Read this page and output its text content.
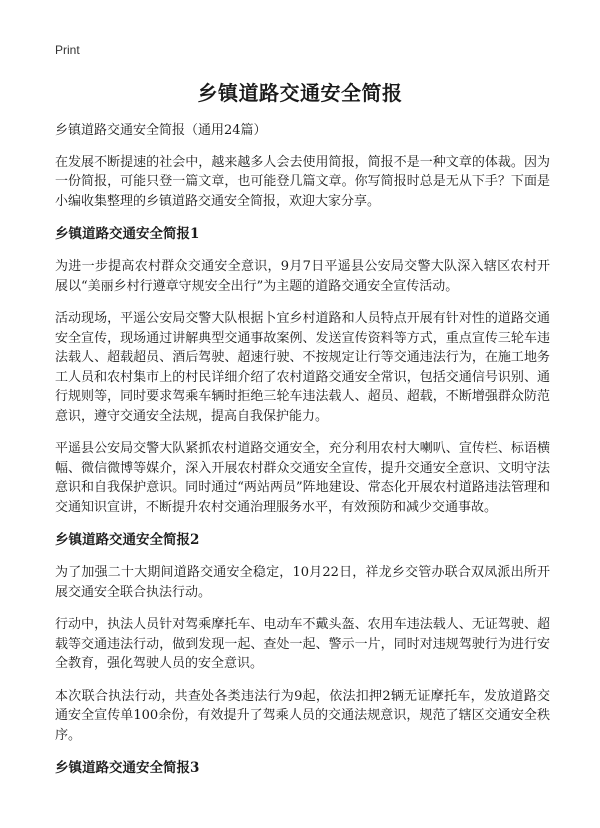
Print
乡镇道路交通安全简报

乡镇道路交通安全简报（通用24篇）

在发展不断提速的社会中，越来越多人会去使用简报，简报不是一种文章的体裁。因为一份简报，可能只登一篇文章，也可能登几篇文章。你写简报时总是无从下手？下面是小编收集整理的乡镇道路交通安全简报，欢迎大家分享。

乡镇道路交通安全简报1

为进一步提高农村群众交通安全意识，9月7日平遥县公安局交警大队深入辖区农村开展以“美丽乡村行遵章守规安全出行”为主题的道路交通安全宣传活动。

活动现场，平遥公安局交警大队根据卜宜乡村道路和人员特点开展有针对性的道路交通安全宣传，现场通过讲解典型交通事故案例、发送宣传资料等方式，重点宣传三轮车违法载人、超载超员、酒后驾驶、超速行驶、不按规定让行等交通违法行为，在施工地务工人员和农村集市上的村民详细介绍了农村道路交通安全常识，包括交通信号识别、通行规则等，同时要求驾乘车辆时拒绝三轮车违法载人、超员、超载，不断增强群众防范意识，遵守交通安全法规，提高自我保护能力。

平遥县公安局交警大队紧抓农村道路交通安全，充分利用农村大喇叭、宣传栏、标语横幅、微信微博等媒介，深入开展农村群众交通安全宣传，提升交通安全意识、文明守法意识和自我保护意识。同时通过“两站两员”阵地建设、常态化开展农村道路违法管理和交通知识宣讲，不断提升农村交通治理服务水平，有效预防和减少交通事故。

乡镇道路交通安全简报2

为了加强二十大期间道路交通安全稳定，10月22日，祥龙乡交管办联合双凤派出所开展交通安全联合执法行动。

行动中，执法人员针对驾乘摩托车、电动车不戴头盔、农用车违法载人、无证驾驶、超载等交通违法行动，做到发现一起、查处一起、警示一片，同时对违规驾驶行为进行安全教育，强化驾驶人员的安全意识。

本次联合执法行动，共查处各类违法行为9起，依法扣押2辆无证摩托车，发放道路交通安全宣传单100余份，有效提升了驾乘人员的交通法规意识，规范了辖区交通安全秩序。

乡镇道路交通安全简报3
